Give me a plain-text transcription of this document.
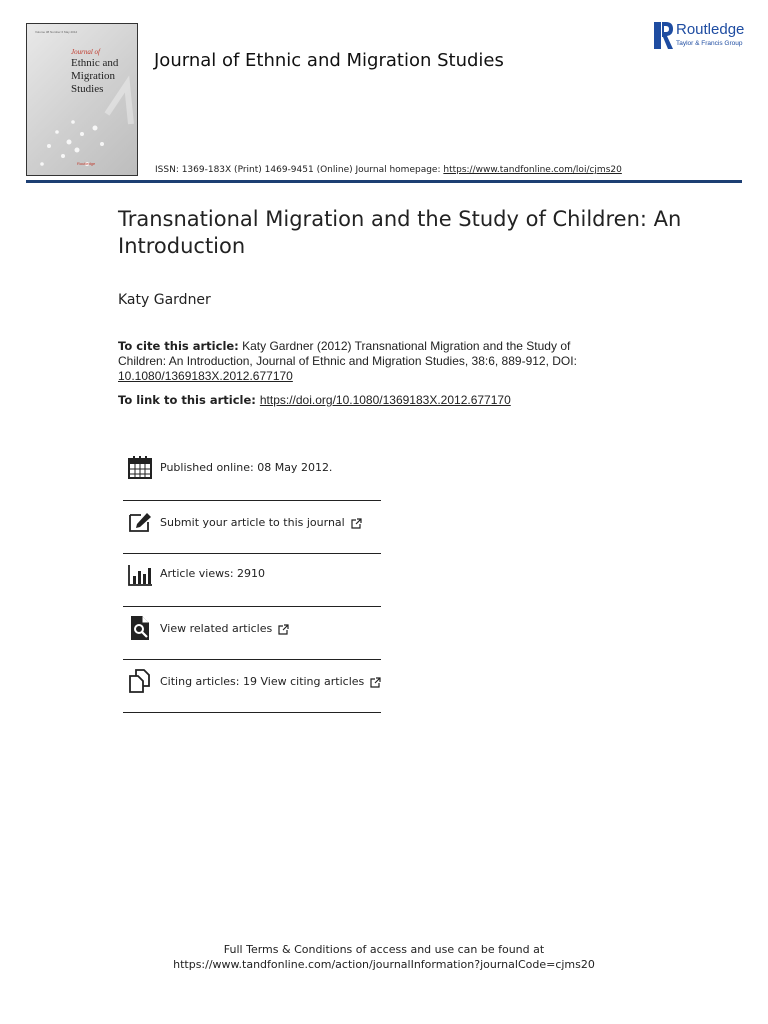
Volume 38 Number 6 May 2012
Journal of
Ethnic and
Migration
Studies
Routledge
Journal of Ethnic and Migration Studies
Routledge
Taylor & Francis Group
ISSN: 1369-183X (Print) 1469-9451 (Online) Journal homepage: https://www.tandfonline.com/loi/cjms20
Transnational Migration and the Study of Children: An Introduction
Katy Gardner
To cite this article: Katy Gardner (2012) Transnational Migration and the Study of Children: An Introduction, Journal of Ethnic and Migration Studies, 38:6, 889-912, DOI: 10.1080/1369183X.2012.677170
To link to this article: https://doi.org/10.1080/1369183X.2012.677170
Published online: 08 May 2012.
Submit your article to this journal
Article views: 2910
View related articles
Citing articles: 19 View citing articles
Full Terms & Conditions of access and use can be found at
https://www.tandfonline.com/action/journalInformation?journalCode=cjms20
